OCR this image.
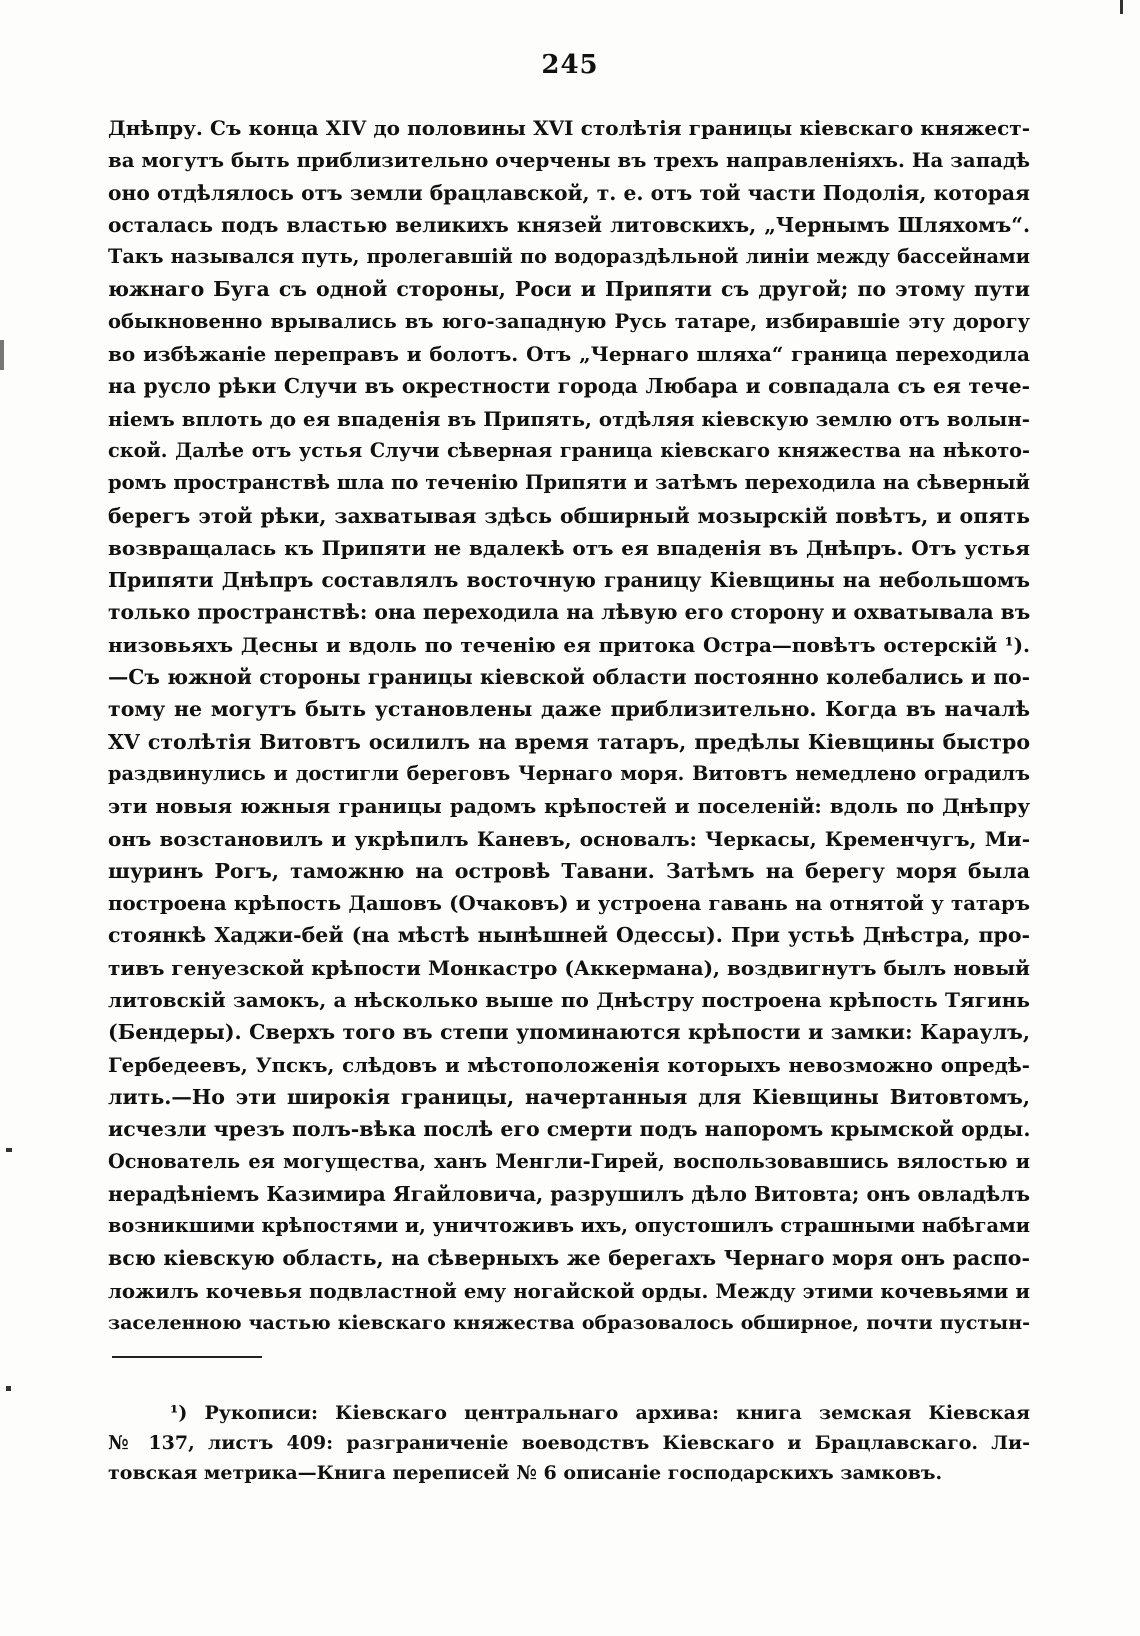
245
Днѣпру. Съ конца XIV до половины XVI столѣтія границы кіевскаго княжест-
ва могутъ быть приблизительно очерчены въ трехъ направленіяхъ. На западѣ
оно отдѣлялось отъ земли брацлавской, т. е. отъ той части Подолія, которая
осталась подъ властью великихъ князей литовскихъ, „Чернымъ Шляхомъ“.
Такъ назывался путь, пролегавшій по водораздѣльной линіи между бассейнами
южнаго Буга съ одной стороны, Роси и Припяти съ другой; по этому пути
обыкновенно врывались въ юго-западную Русь татаре, избиравшіе эту дорогу
во избѣжаніе переправъ и болотъ. Отъ „Чернаго шляха“ граница переходила
на русло рѣки Случи въ окрестности города Любара и совпадала съ ея тече-
ніемъ вплоть до ея впаденія въ Припять, отдѣляя кіевскую землю отъ волын-
ской. Далѣе отъ устья Случи сѣверная граница кіевскаго княжества на нѣкото-
ромъ пространствѣ шла по теченію Припяти и затѣмъ переходила на сѣверный
берегъ этой рѣки, захватывая здѣсь обширный мозырскій повѣтъ, и опять
возвращалась къ Припяти не вдалекѣ отъ ея впаденія въ Днѣпръ. Отъ устья
Припяти Днѣпръ составлялъ восточную границу Кіевщины на небольшомъ
только пространствѣ: она переходила на лѣвую его сторону и охватывала въ
низовьяхъ Десны и вдоль по теченію ея притока Остра—повѣтъ остерскій ¹).
—Съ южной стороны границы кіевской области постоянно колебались и по-
тому не могутъ быть установлены даже приблизительно. Когда въ началѣ
XV столѣтія Витовтъ осилилъ на время татаръ, предѣлы Кіевщины быстро
раздвинулись и достигли береговъ Чернаго моря. Витовтъ немедлено оградилъ
эти новыя южныя границы радомъ крѣпостей и поселеній: вдоль по Днѣпру
онъ возстановилъ и укрѣпилъ Каневъ, основалъ: Черкасы, Кременчугъ, Ми-
шуринъ Рогъ, таможню на островѣ Тавани. Затѣмъ на берегу моря была
построена крѣпость Дашовъ (Очаковъ) и устроена гавань на отнятой у татаръ
стоянкѣ Хаджи-бей (на мѣстѣ нынѣшней Одессы). При устьѣ Днѣстра, про-
тивъ генуезской крѣпости Монкастро (Аккермана), воздвигнутъ былъ новый
литовскій замокъ, а нѣсколько выше по Днѣстру построена крѣпость Тягинь
(Бендеры). Сверхъ того въ степи упоминаются крѣпости и замки: Караулъ,
Гербедеевъ, Упскъ, слѣдовъ и мѣстоположенія которыхъ невозможно опредѣ-
лить.—Но эти широкія границы, начертанныя для Кіевщины Витовтомъ,
исчезли чрезъ полъ-вѣка послѣ его смерти подъ напоромъ крымской орды.
Основатель ея могущества, ханъ Менгли-Гирей, воспользовавшись вялостью и
нерадѣніемъ Казимира Ягайловича, разрушилъ дѣло Витовта; онъ овладѣлъ
возникшими крѣпостями и, уничтоживъ ихъ, опустошилъ страшными набѣгами
всю кіевскую область, на сѣверныхъ же берегахъ Чернаго моря онъ распо-
ложилъ кочевья подвластной ему ногайской орды. Между этими кочевьями и
заселенною частью кіевскаго княжества образовалось обширное, почти пустын-
¹) Рукописи: Кіевскаго центральнаго архива: книга земская Кіевская
№ 137, листъ 409: разграниченіе воеводствъ Кіевскаго и Брацлавскаго. Ли-
товская метрика—Книга переписей № 6 описаніе господарскихъ замковъ.
